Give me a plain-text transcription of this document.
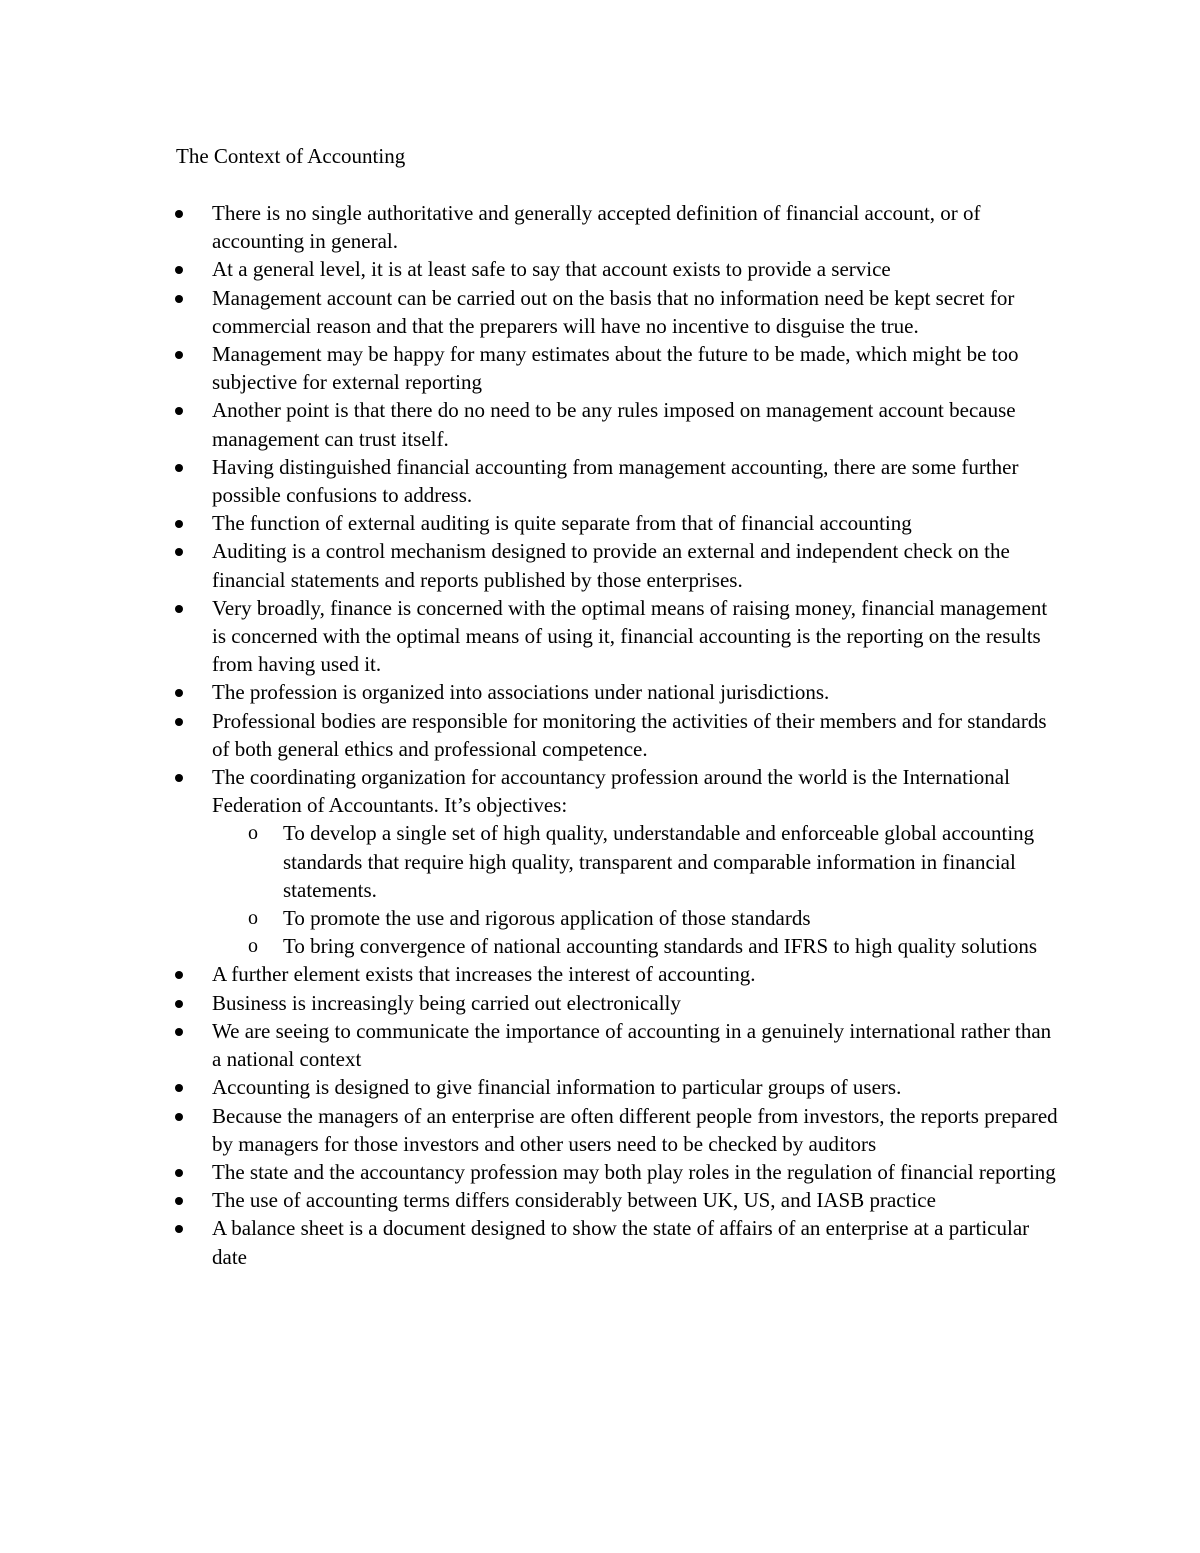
The Context of Accounting
There is no single authoritative and generally accepted definition of financial account, or of accounting in general.
At a general level, it is at least safe to say that account exists to provide a service
Management account can be carried out on the basis that no information need be kept secret for commercial reason and that the preparers will have no incentive to disguise the true.
Management may be happy for many estimates about the future to be made, which might be too subjective for external reporting
Another point is that there do no need to be any rules imposed on management account because management can trust itself.
Having distinguished financial accounting from management accounting, there are some further possible confusions to address.
The function of external auditing is quite separate from that of financial accounting
Auditing is a control mechanism designed to provide an external and independent check on the financial statements and reports published by those enterprises.
Very broadly, finance is concerned with the optimal means of raising money, financial management is concerned with the optimal means of using it, financial accounting is the reporting on the results from having used it.
The profession is organized into associations under national jurisdictions.
Professional bodies are responsible for monitoring the activities of their members and for standards of both general ethics and professional competence.
The coordinating organization for accountancy profession around the world is the International Federation of Accountants. It’s objectives:
o To develop a single set of high quality, understandable and enforceable global accounting standards that require high quality, transparent and comparable information in financial statements.
o To promote the use and rigorous application of those standards
o To bring convergence of national accounting standards and IFRS to high quality solutions
A further element exists that increases the interest of accounting.
Business is increasingly being carried out electronically
We are seeing to communicate the importance of accounting in a genuinely international rather than a national context
Accounting is designed to give financial information to particular groups of users.
Because the managers of an enterprise are often different people from investors, the reports prepared by managers for those investors and other users need to be checked by auditors
The state and the accountancy profession may both play roles in the regulation of financial reporting
The use of accounting terms differs considerably between UK, US, and IASB practice
A balance sheet is a document designed to show the state of affairs of an enterprise at a particular date
